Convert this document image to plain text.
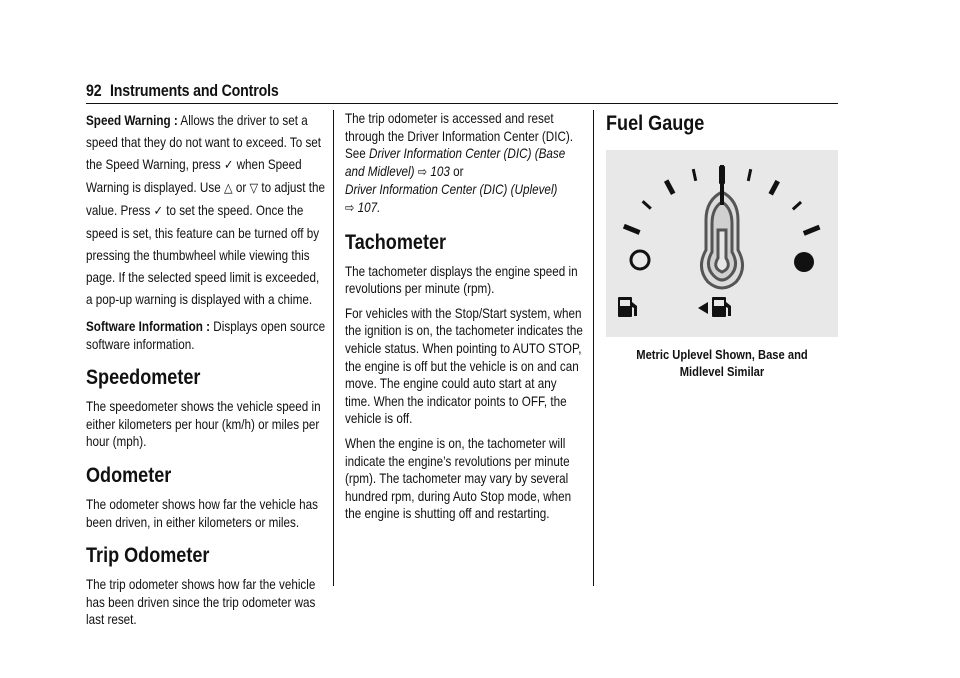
92 Instruments and Controls

Speed Warning : Allows the driver to set a speed that they do not want to exceed. To set the Speed Warning, press ✓ when Speed Warning is displayed. Use △ or ▽ to adjust the value. Press ✓ to set the speed. Once the speed is set, this feature can be turned off by pressing the thumbwheel while viewing this page. If the selected speed limit is exceeded, a pop-up warning is displayed with a chime.

Software Information : Displays open source software information.

Speedometer

The speedometer shows the vehicle speed in either kilometers per hour (km/h) or miles per hour (mph).

Odometer

The odometer shows how far the vehicle has been driven, in either kilometers or miles.

Trip Odometer

The trip odometer shows how far the vehicle has been driven since the trip odometer was last reset.

The trip odometer is accessed and reset through the Driver Information Center (DIC). See Driver Information Center (DIC) (Base and Midlevel) ⇨ 103 or
Driver Information Center (DIC) (Uplevel)
⇨ 107.

Tachometer

The tachometer displays the engine speed in revolutions per minute (rpm).

For vehicles with the Stop/Start system, when the ignition is on, the tachometer indicates the vehicle status. When pointing to AUTO STOP, the engine is off but the vehicle is on and can move. The engine could auto start at any time. When the indicator points to OFF, the vehicle is off.

When the engine is on, the tachometer will indicate the engine’s revolutions per minute (rpm). The tachometer may vary by several hundred rpm, during Auto Stop mode, when the engine is shutting off and restarting.

Fuel Gauge
Metric Uplevel Shown, Base and Midlevel Similar
